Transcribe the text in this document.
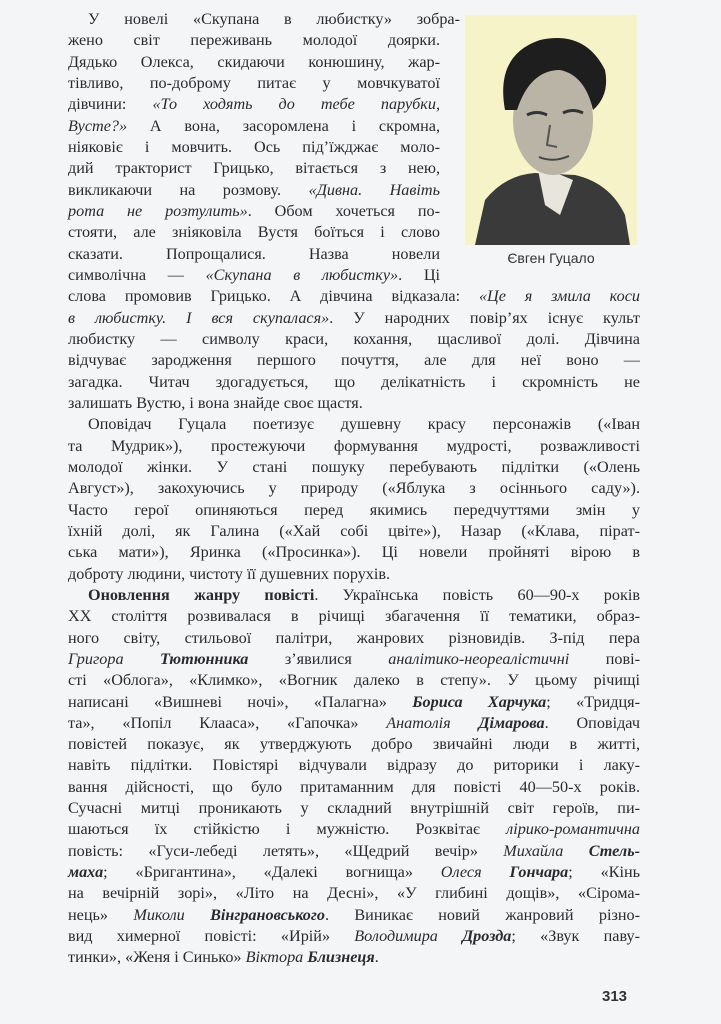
Євген Гуцало
У новелі «Скупана в любистку» зобра-
жено світ переживань молодої доярки.
Дядько Олекса, скидаючи конюшину, жар-
тівливо, по-доброму питає у мовчкуватої
дівчини: «То ходять до тебе парубки,
Вусте?» А вона, засоромлена і скромна,
ніяковіє і мовчить. Ось під’їжджає моло-
дий тракторист Грицько, вітається з нею,
викликаючи на розмову. «Дивна. Навіть
рота не розтулить». Обом хочеться по-
стояти, але зніяковіла Вустя боїться і слово
сказати. Попрощалися. Назва новели
символічна — «Скупана в любистку». Ці
слова промовив Грицько. А дівчина відказала: «Це я змила коси
в любистку. І вся скупалася». У народних повір’ях існує культ
любистку — символу краси, кохання, щасливої долі. Дівчина
відчуває зародження першого почуття, але для неї воно —
загадка. Читач здогадується, що делікатність і скромність не
залишать Вустю, і вона знайде своє щастя.
Оповідач Гуцала поетизує душевну красу персонажів («Іван
та Мудрик»), простежуючи формування мудрості, розважливості
молодої жінки. У стані пошуку перебувають підлітки («Олень
Август»), закохуючись у природу («Яблука з осіннього саду»).
Часто герої опиняються перед якимись передчуттями змін у
їхній долі, як Галина («Хай собі цвіте»), Назар («Клава, пірат-
ська мати»), Яринка («Просинка»). Ці новели пройняті вірою в
доброту людини, чистоту її душевних поруxів.
Оновлення жанру повісті. Українська повість 60—90-х років
XX століття розвивалася в річищі збагачення її тематики, образ-
ного світу, стильової палітри, жанрових різновидів. З-під пера
Григора Тютюнника з’явилися аналітико-неореалістичні пові-
сті «Облога», «Климко», «Вогник далеко в степу». У цьому річищі
написані «Вишневі ночі», «Палагна» Бориса Харчука; «Тридця-
та», «Попіл Клааса», «Гапочка» Анатолія Дімарова. Оповідач
повістей показує, як утверджують добро звичайні люди в житті,
навіть підлітки. Повістярі відчували відразу до риторики і лаку-
вання дійсності, що було притаманним для повісті 40—50-х років.
Сучасні митці проникають у складний внутрішній світ героїв, пи-
шаються їх стійкістю і мужністю. Розквітає лірико-романтична
повість: «Гуси-лебеді летять», «Щедрий вечір» Михайла Стель-
маха; «Бригантина», «Далекі вогнища» Олеся Гончара; «Кінь
на вечірній зорі», «Літо на Десні», «У глибині дощів», «Сірома-
нець» Миколи Вінграновського. Виникає новий жанровий різно-
вид химерної повісті: «Ирій» Володимира Дрозда; «Звук паву-
тинки», «Женя і Синько» Віктора Близнеця.
313
